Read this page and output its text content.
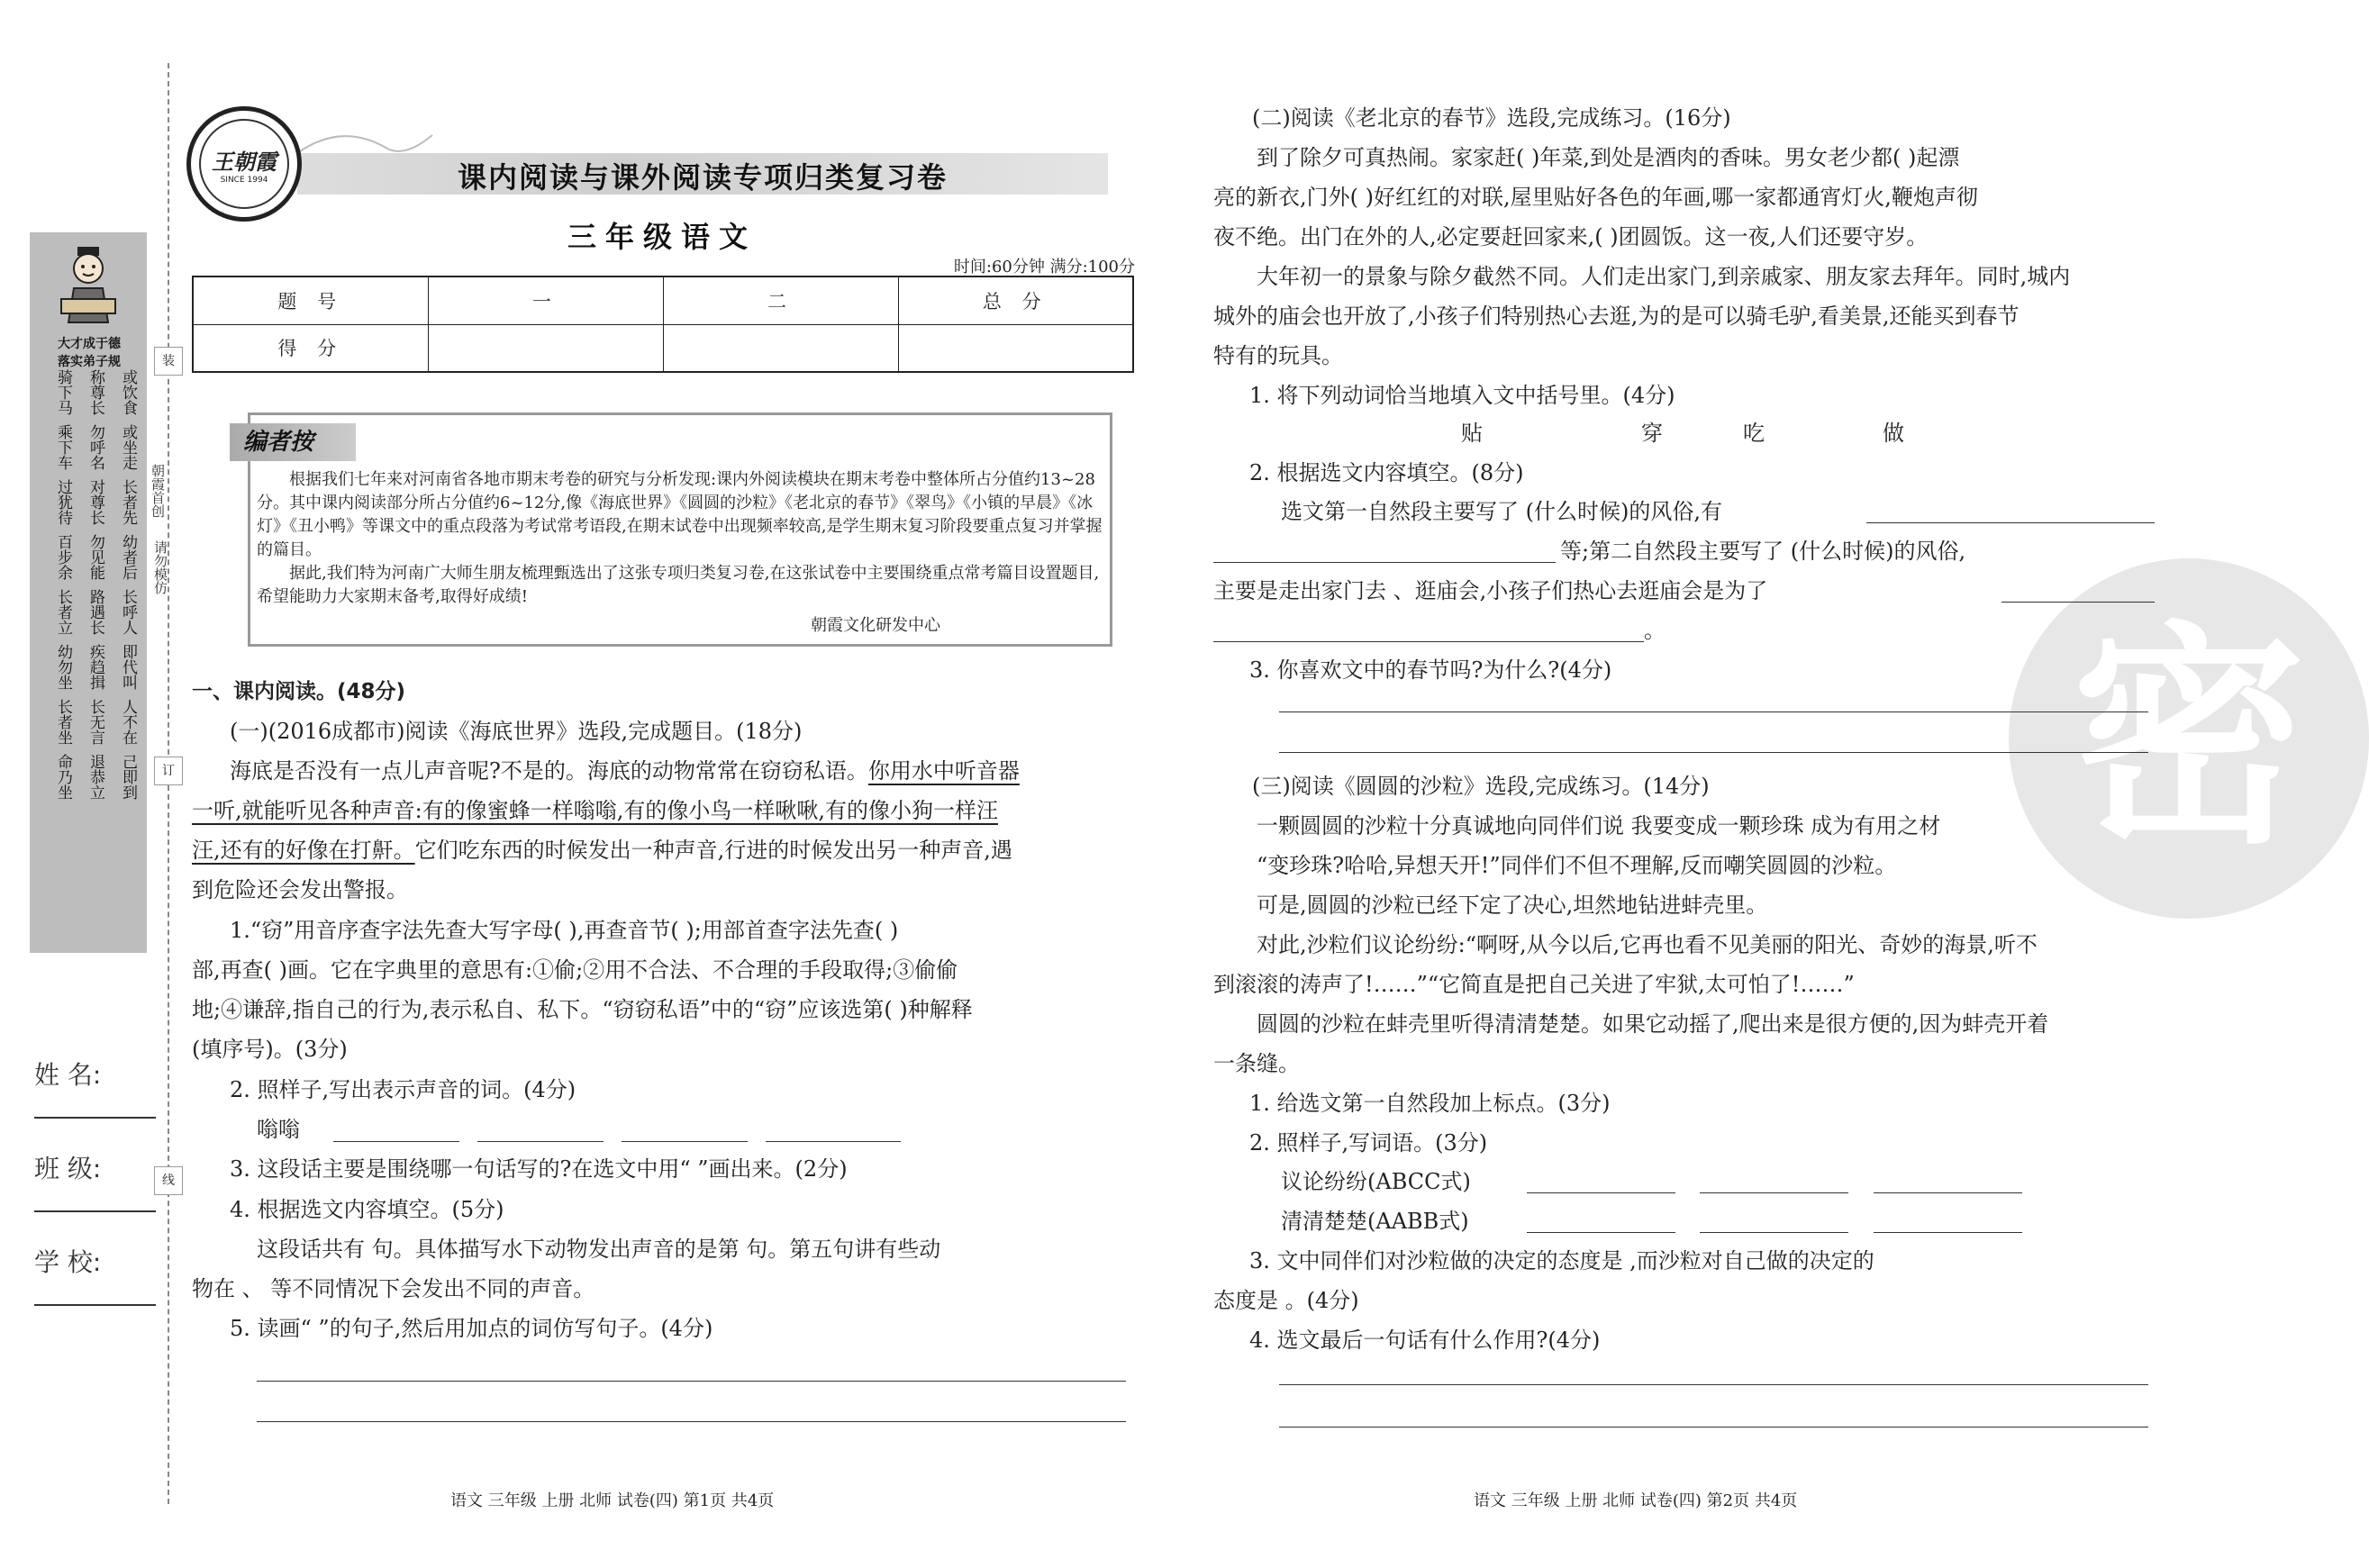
大才成于德
落实弟子规
骑下马 称尊长 或饮食
乘下车 勿呼名 或坐走
过犹待 对尊长 长者先
百步余 勿见能 幼者后
长者立 路遇长 长呼人
幼勿坐 疾趋揖 即代叫
长者坐 长无言 人不在
命乃坐 退恭立 己即到
姓 名:
班 级:
学 校:
装
订
线
朝霞首创
请勿模仿
王朝霞
SINCE 1994	课内阅读与课外阅读专项归类复习卷
三年级语文
时间:60分钟 满分:100分
题 号	一	二	总 分
得 分			
编者按

根据我们七年来对河南省各地市期末考卷的研究与分析发现:课内外阅读模块在期末考卷中整体所占分值约13~28分。其中课内阅读部分所占分值约6~12分,像《海底世界》《圆圆的沙粒》《老北京的春节》《翠鸟》《小镇的早晨》《冰灯》《丑小鸭》等课文中的重点段落为考试常考语段,在期末试卷中出现频率较高,是学生期末复习阶段要重点复习并掌握的篇目。

据此,我们特为河南广大师生朋友梳理甄选出了这张专项归类复习卷,在这张试卷中主要围绕重点常考篇目设置题目,希望能助力大家期末备考,取得好成绩!

朝霞文化研发中心
一、课内阅读。(48分)
(一)(2016成都市)阅读《海底世界》选段,完成题目。(18分)
海底是否没有一点儿声音呢?不是的。海底的动物常常在窃窃私语。你用水中听音器
一听,就能听见各种声音:有的像蜜蜂一样嗡嗡,有的像小鸟一样啾啾,有的像小狗一样汪
汪,还有的好像在打鼾。它们吃东西的时候发出一种声音,行进的时候发出另一种声音,遇
到危险还会发出警报。
1.“窃”用音序查字法先查大写字母( ),再查音节( );用部首查字法先查( )
部,再查( )画。它在字典里的意思有:①偷;②用不合法、不合理的手段取得;③偷偷
地;④谦辞,指自己的行为,表示私自、私下。“窃窃私语”中的“窃”应该选第( )种解释
(填序号)。(3分)
2. 照样子,写出表示声音的词。(4分)
嗡嗡
3. 这段话主要是围绕哪一句话写的?在选文中用“ ”画出来。(2分)
4. 根据选文内容填空。(5分)
这段话共有 句。具体描写水下动物发出声音的是第 句。第五句讲有些动
物在 、 等不同情况下会发出不同的声音。
5. 读画“ ”的句子,然后用加点的词仿写句子。(4分)
语文 三年级 上册 北师 试卷(四) 第1页 共4页
密
(二)阅读《老北京的春节》选段,完成练习。(16分)
到了除夕可真热闹。家家赶( )年菜,到处是酒肉的香味。男女老少都( )起漂
亮的新衣,门外( )好红红的对联,屋里贴好各色的年画,哪一家都通宵灯火,鞭炮声彻
夜不绝。出门在外的人,必定要赶回家来,( )团圆饭。这一夜,人们还要守岁。
大年初一的景象与除夕截然不同。人们走出家门,到亲戚家、朋友家去拜年。同时,城内
城外的庙会也开放了,小孩子们特别热心去逛,为的是可以骑毛驴,看美景,还能买到春节
特有的玩具。
1. 将下列动词恰当地填入文中括号里。(4分)
贴	穿	吃	做
2. 根据选文内容填空。(8分)
选文第一自然段主要写了 (什么时候)的风俗,有
等;第二自然段主要写了 (什么时候)的风俗,
主要是走出家门去 、逛庙会,小孩子们热心去逛庙会是为了
。
3. 你喜欢文中的春节吗?为什么?(4分)
(三)阅读《圆圆的沙粒》选段,完成练习。(14分)
一颗圆圆的沙粒十分真诚地向同伴们说 我要变成一颗珍珠 成为有用之材
“变珍珠?哈哈,异想天开!”同伴们不但不理解,反而嘲笑圆圆的沙粒。
可是,圆圆的沙粒已经下定了决心,坦然地钻进蚌壳里。
对此,沙粒们议论纷纷:“啊呀,从今以后,它再也看不见美丽的阳光、奇妙的海景,听不
到滚滚的涛声了!……”“它简直是把自己关进了牢狱,太可怕了!……”
圆圆的沙粒在蚌壳里听得清清楚楚。如果它动摇了,爬出来是很方便的,因为蚌壳开着
一条缝。
1. 给选文第一自然段加上标点。(3分)
2. 照样子,写词语。(3分)
议论纷纷(ABCC式)
清清楚楚(AABB式)
3. 文中同伴们对沙粒做的决定的态度是 ,而沙粒对自己做的决定的
态度是 。(4分)
4. 选文最后一句话有什么作用?(4分)
语文 三年级 上册 北师 试卷(四) 第2页 共4页
